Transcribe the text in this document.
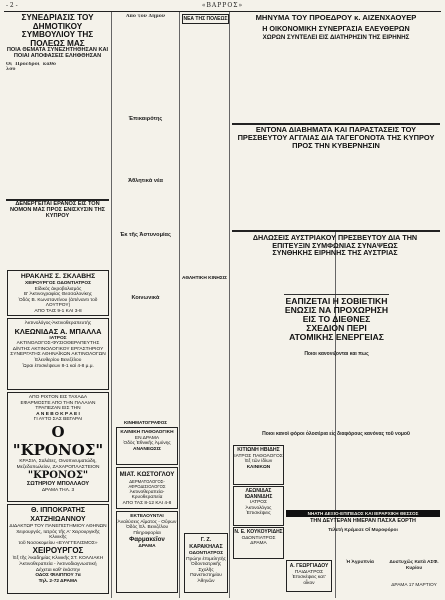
- 2 -	«ΒΑΡΡΟΣ»
ΣΥΝΕΔΡΙΑΣΙΣ ΤΟΥ ΔΗΜΟΤΙΚΟΥ ΣΥΜΒΟΥΛΙΟΥ ΤΗΣ ΠΟΛΕΩΣ ΜΑΣ
ΠΟΙΑ ΘΕΜΑΤΑ ΣΥΝΕΖΗΤΗΘΗΣΑΝ ΚΑΙ ΠΟΙΑΙ ΑΠΟΦΑΣΕΙΣ ΕΛΗΦΘΗΣΑΝ
Οί Προεδροι καθόλου
ΔΕΝΕΡΓΕΙΤΑΙ ΕΡΑΝΟΣ ΕΙΣ ΤΟΝ ΝΟΜΟΝ ΜΑΣ ΠΡΟΣ ΕΝΙΣΧΥΣΙΝ ΤΗΣ ΚΥΠΡΟΥ
ΗΡΑΚΛΗΣ Σ. ΣΚΛΑΒΗΣ
ΧΕΙΡΟΥΡΓΟΣ ΟΔΟΝΤΙΑΤΡΟΣ
Εἰδικὸς ἀκροβολισμός
Β' Ἀκτινογραφίας Θεσσαλονίκης
Ὁδὸς Β. Κωνσταντίνου (ἀπέναντι τοῦ ΛΟΥΤΡΟΥ)
ΑΠΟ ΤΑΙΣ 9-1 ΚΑΙ 3-8
Ἀκτινολόγος-Ἀκτινοθεραπευτής
ΚΛΕΩΝΙΔΑΣ Α. ΜΠΑΛΛΑ
ΙΑΤΡΟΣ
ΑΚΤΙΝΟΛΟΓΟΣ-ΦΥΣΙΟΘΕΡΑΠΕΥΤΗΣ
Δ/ΝΤΗΣ ΑΚΤΙΝΟΛΟΓΙΚΟΥ ΕΡΓΑΣΤΗΡΙΟΥ
ΣΥΝΕΡΓΑΤΗΣ ΑΘΗΝΑΪΚΩΝ ΑΚΤΙΝΟΛΟΓΩΝ
Ἑλευθερίου Βενιζέλου
Ὥραι ἐπισκέψεων 8-1 καὶ 4-8 μ.μ.
ΑΠΟ ΡΙΧΤΟΝ ΕΙΣ ΤΑΧΑΔΑ
ΕΦΑΡΜΟΣΤΕ ΑΠΟ ΤΗΝ ΠΑΛΑΙΑΝ ΤΡΑΠΕΖΑΝ ΕΙΣ ΤΗΝ
Α Ν Ε Β Ο Κ Ρ Α Ε Ι
ΓΙ ΑΥΤΟ ΣΑΣ ΒΕΓΑΡΑΙ
Ο "ΚΡΟΝΟΣ"
ΚΡΑΣΙΑ, Σαλάτες, Οινοπνευματώδη, Μεζεδοπωλείον, ΖΑΧΑΡΟΠΛΑΣΤΕΙΟΝ
"ΚΡΟΝΟΣ"
ΣΩΤΗΡΙΟΥ ΜΠΟΛΛΑΟΥ
ΔΡΑΜΑ ΤΗΛ. 3
Θ. ΙΠΠΟΚΡΑΤΗΣ ΧΑΤΖΗΙΩΑΝΝΟΥ
ΔΙΔΑΚΤΩΡ ΤΟΥ ΠΑΝΕΠΙΣΤΗΜΙΟΥ ΑΘΗΝΩΝ
Χειρουργός, Ιατρὸς τῆς Α' Χειρουργικῆς Κλινικῆς
τοῦ Νοσοκομείου «ΕΥΑΓΓΕΛΙΣΜΟΣ»
ΧΕΙΡΟΥΡΓΟΣ
Ἐξ τῆς Ἀκαδημίας Κλινικῆς ΣΤ. ΚΟΛΛΙΑΚΗ
Ἀκτινοθεραπεία - Ἀκτινοδιαγνωστική
Δέχεται καθ' ἑκάστην
ΟΔΟΣ ΦΙΛΙΠΠΟΥ 7α
Τηλ. 2-72 ΔΡΑΜΑ
Ἀπὸ τὸν Δῆμον
Ἐπικαιρότης
Ἀθλητικὰ νέα
Ἐκ τῆς Ἀστυνομίας
Κοινωνικὰ
ΚΛΙΝΙΚΗ ΠΑΘΟΛΟΓΙΚΗ
ΕΝ ΔΡΑΜΑ
Ὁδὸς Ἐθνικῆς Ἀμύνης
ΑΝΑΝΕΩΣΙΣ
ΜΙΑΤ. ΚΩΣΤΟΓΛΟΥ
ΔΕΡΜΑΤΟΛΟΓΟΣ-ΑΦΡΟΔΙΣΙΟΛΟΓΟΣ
Ἀκτινοθεραπεία-Κρυοθεραπεία
ΑΠΟ ΤΑΣ 8-12 ΚΑΙ 4-8
ΕΚΤΕΛΟΥΝΤΑΙ
Ἀναλύσεις Αἵματος - Οὔρων
Ὁδὸς Ἐλ. Βενιζέλου
Πληροφορίαι
Φαρμακεῖον
ΔΡΑΜΑ
ΝΕΑ ΤΗΣ ΠΟΛΕΩΣ
ΑΘΛΗΤΙΚΗ ΚΙΝΗΣΙΣ
Γ. Ζ. ΚΑΡΑΚΗΛΑΣ
ΟΔΟΝΤΙΑΤΡΟΣ
Πρώην ἐπιμελητὴς
Ὁδοντιατρικῆς Σχολῆς
Πανεπιστημίου Ἀθηνῶν
ΜΗΝΥΜΑ ΤΟΥ ΠΡΟΕΔΡΟΥ κ. ΑΙΖΕΝΧΑΟΥΕΡ
Η ΟΙΚΟΝΟΜΙΚΗ ΣΥΝΕΡΓΑΣΙΑ ΕΛΕΥΘΕΡΩΝ
ΧΩΡΩΝ ΣΥΝΤΕΛΕΙ ΕΙΣ ΔΙΑΤΗΡΗΣΙΝ ΤΗΣ ΕΙΡΗΝΗΣ
ΕΝΤΟΝΑ ΔΙΑΒΗΜΑΤΑ ΚΑΙ ΠΑΡΑΣΤΑΣΕΙΣ ΤΟΥ ΠΡΕΣΒΕΥΤΟΥ ΑΓΓΛΙΑΣ ΔΙΑ ΤΑΓΕΓΟΝΟΤΑ ΤΗΣ ΚΥΠΡΟΥ ΠΡΟΣ ΤΗΝ ΚΥΒΕΡΝΗΣΙΝ
ΔΗΛΩΣΕΙΣ ΑΥΣΤΡΙΑΚΟΥ ΠΡΕΣΒΕΥΤΟΥ ΔΙΑ ΤΗΝ ΕΠΙΤΕΥΞΙΝ ΣΥΜΦΩΝΙΑΣ ΣΥΝΑΨΕΩΣ ΣΥΝΘΗΚΗΣ ΕΙΡΗΝΗΣ ΤΗΣ ΑΥΣΤΡΙΑΣ
ΕΑΠΙΖΕΤΑΙ Η ΣΟΒΙΕΤΙΚΗ ΕΝΩΣΙΣ ΝΑ ΠΡΟΧΩΡΗΣΗ ΕΙΣ ΤΟ ΔΙΕΘΝΕΣ ΣΧΕΔΙΟΝ ΠΕΡΙ ΑΤΟΜΙΚΗΣ ΕΝΕΡΓΕΙΑΣ
Ποιοι κανονιζονται και πως
Ποιοι κανοὶ φόροι ὀλοσέρια εἰς διαφόρους κανόνας τοῦ νομοῦ
ΚΙΤΙΩΝΗ ΗΒΙΔΗΣ
ΙΑΤΡΟΣ ΠΑΘΟΛΟΓΟΣ
Ἐξ τῶν ἰδίων
ΚΛΙΝΙΚΩΝ
ΛΕΩΝΙΔΑΣ ΙΩΑΝΝΙΔΗΣ
ΙΑΤΡΟΣ
Ἀκτινολόγος
Ἐπισκέψεις
Ν. Ε. ΚΟΥΚΟΥΡΙΔΗΣ
ΟΔΟΝΤΙΑΤΡΟΣ
ΔΡΑΜΑ
Α. ΓΕΩΡΓΙΑΔΟΥ
ΠΑΙΔΙΑΤΡΟΣ
Ἐπισκέψεις κατ' οἶκον
ΝΗΑΤΗ ΔΕΞΙΟ-ΕΠΙΠΕΔΟΣ ΚΑΙ ΙΕΡΑΡΧΙΚΗ ΘΕΣΣΟΣ
ΤΗΝ ΔΕΥΤΕΡΑΝ ΗΜΕΡΑΝ ΠΑΣΧΑ ΕΟΡΤΗ
Τελετὴ Κρέμεσε Οἴ Μυροφόροι
Ἡ Ἀγρυπνία	Δυστυχῶς Κατὰ ΑΣΦ. Κυρίου
ΔΡΑΜΑ 17 ΜΑΡΤΙΟΥ
ΚΙΝΗΜΑΤΟΓΡΑΦΟΣ
